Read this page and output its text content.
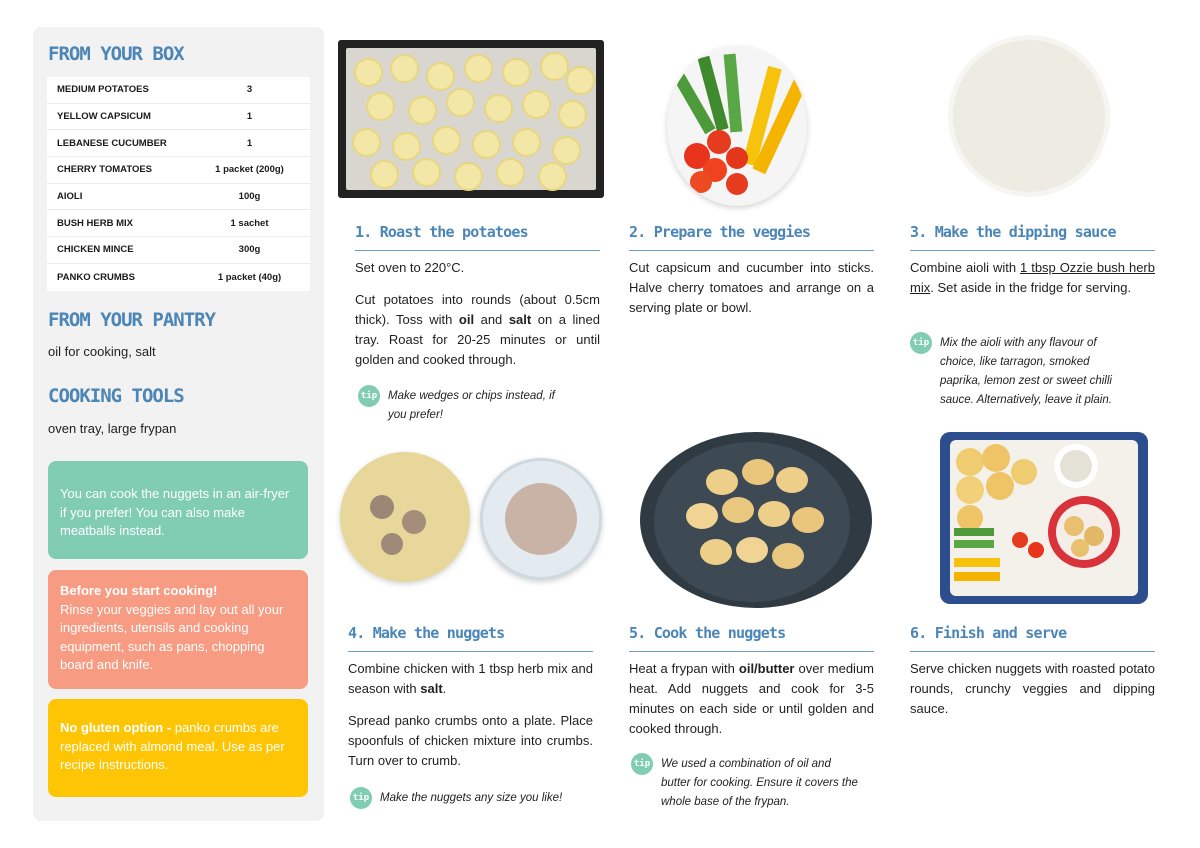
FROM YOUR BOX
MEDIUM POTATOES	3
YELLOW CAPSICUM	1
LEBANESE CUCUMBER	1
CHERRY TOMATOES	1 packet (200g)
AIOLI	100g
BUSH HERB MIX	1 sachet
CHICKEN MINCE	300g
PANKO CRUMBS	1 packet (40g)
FROM YOUR PANTRY
oil for cooking, salt
COOKING TOOLS
oven tray, large frypan
You can cook the nuggets in an air-fryer if you prefer! You can also make meatballs instead.
Before you start cooking!
Rinse your veggies and lay out all your ingredients, utensils and cooking equipment, such as pans, chopping board and knife.
No gluten option - panko crumbs are replaced with almond meal. Use as per recipe instructions.
1. Roast the potatoes

Set oven to 220°C.

Cut potatoes into rounds (about 0.5cm thick). Toss with oil and salt on a lined tray. Roast for 20-25 minutes or until golden and cooked through.

tip Make wedges or chips instead, if you prefer!
2. Prepare the veggies

Cut capsicum and cucumber into sticks. Halve cherry tomatoes and arrange on a serving plate or bowl.

3. Make the dipping sauce

Combine aioli with 1 tbsp Ozzie bush herb mix. Set aside in the fridge for serving.

tip Mix the aioli with any flavour of choice, like tarragon, smoked paprika, lemon zest or sweet chilli sauce. Alternatively, leave it plain.
4. Make the nuggets

Combine chicken with 1 tbsp herb mix and season with salt.

Spread panko crumbs onto a plate. Place spoonfuls of chicken mixture into crumbs. Turn over to crumb.

tip Make the nuggets any size you like!
5. Cook the nuggets

Heat a frypan with oil/butter over medium heat. Add nuggets and cook for 3-5 minutes on each side or until golden and cooked through.

tip We used a combination of oil and butter for cooking. Ensure it covers the whole base of the frypan.
6. Finish and serve

Serve chicken nuggets with roasted potato rounds, crunchy veggies and dipping sauce.
